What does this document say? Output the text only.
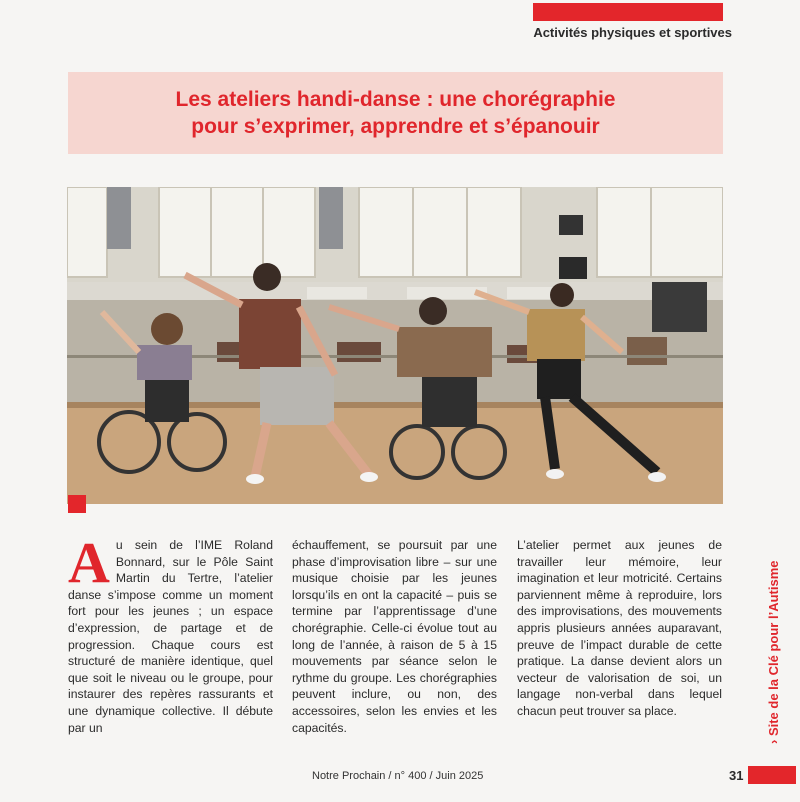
Activités physiques et sportives
Les ateliers handi-danse : une chorégraphie
pour s’exprimer, apprendre et s’épanouir
Au sein de l’IME Roland Bonnard, sur le Pôle Saint Martin du Tertre, l’atelier danse s’impose comme un moment fort pour les jeunes ; un espace d’expression, de partage et de progression. Chaque cours est structuré de manière identique, quel que soit le niveau ou le groupe, pour instaurer des repères rassurants et une dynamique collective. Il débute par un
échauffement, se poursuit par une phase d’improvisation libre – sur une musique choisie par les jeunes lorsqu’ils en ont la capacité – puis se termine par l’apprentissage d’une chorégraphie. Celle-ci évolue tout au long de l’année, à raison de 5 à 15 mouvements par séance selon le rythme du groupe. Les chorégraphies peuvent inclure, ou non, des accessoires, selon les envies et les capacités.
L’atelier permet aux jeunes de travailler leur mémoire, leur imagination et leur motricité. Certains parviennent même à reproduire, lors des improvisations, des mouvements appris plusieurs années auparavant, preuve de l’impact durable de cette pratique. La danse devient alors un vecteur de valorisation de soi, un langage non-verbal dans lequel chacun peut trouver sa place.	› Site de la Clé pour l’Autisme
Notre Prochain / n° 400 / Juin 2025	31
